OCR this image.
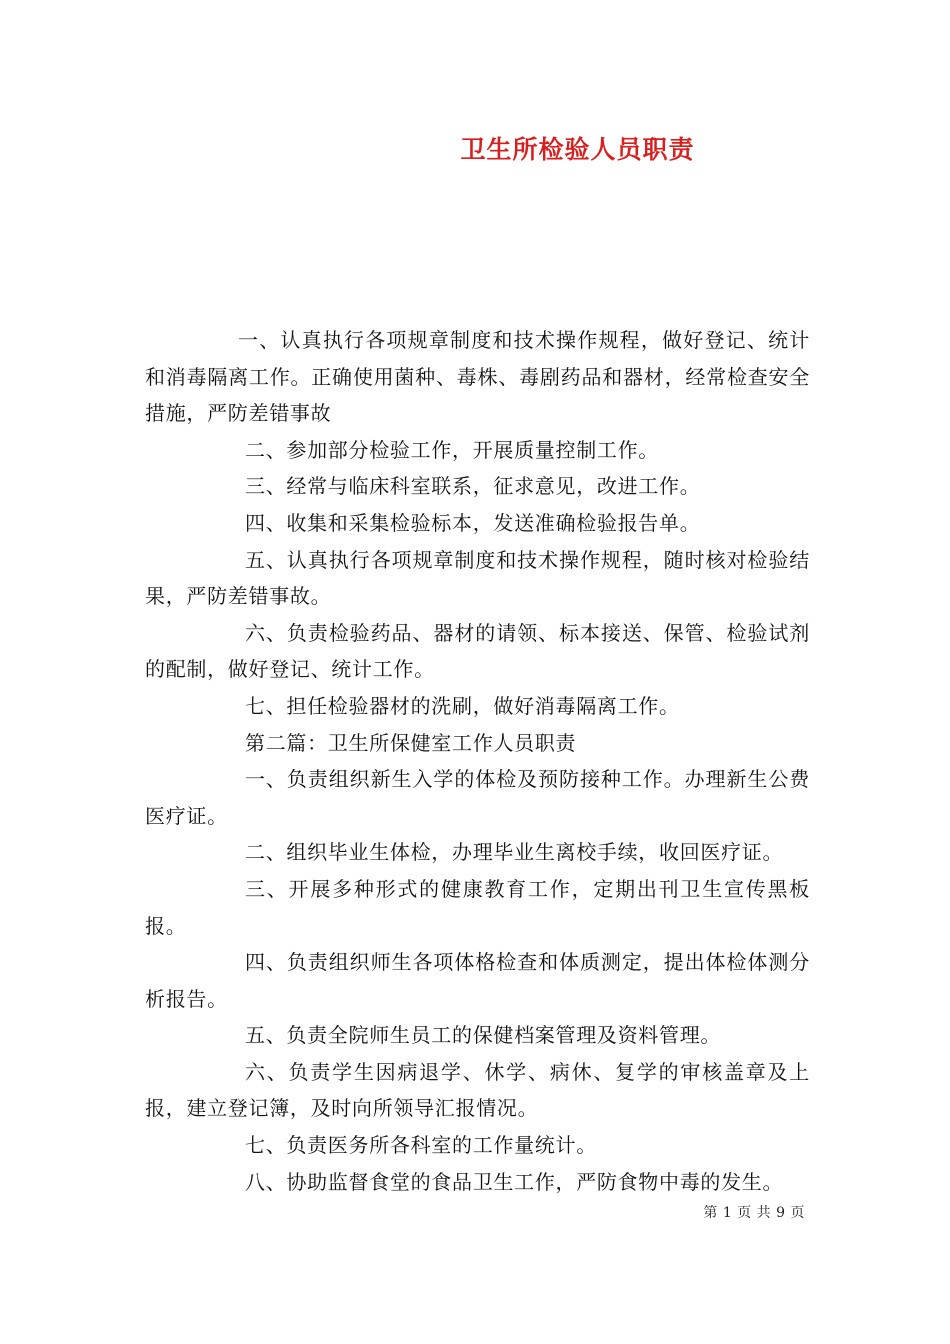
卫生所检验人员职责

一、认真执行各项规章制度和技术操作规程，做好登记、统计和消毒隔离工作。正确使用菌种、毒株、毒剧药品和器材，经常检查安全措施，严防差错事故

二、参加部分检验工作，开展质量控制工作。

三、经常与临床科室联系，征求意见，改进工作。

四、收集和采集检验标本，发送准确检验报告单。

五、认真执行各项规章制度和技术操作规程，随时核对检验结果，严防差错事故。

六、负责检验药品、器材的请领、标本接送、保管、检验试剂的配制，做好登记、统计工作。

七、担任检验器材的洗刷，做好消毒隔离工作。

第二篇：卫生所保健室工作人员职责

一、负责组织新生入学的体检及预防接种工作。办理新生公费医疗证。

二、组织毕业生体检，办理毕业生离校手续，收回医疗证。

三、开展多种形式的健康教育工作，定期出刊卫生宣传黑板报。

四、负责组织师生各项体格检查和体质测定，提出体检体测分析报告。

五、负责全院师生员工的保健档案管理及资料管理。

六、负责学生因病退学、休学、病休、复学的审核盖章及上报，建立登记簿，及时向所领导汇报情况。

七、负责医务所各科室的工作量统计。

八、协助监督食堂的食品卫生工作，严防食物中毒的发生。

第 1 页 共 9 页
